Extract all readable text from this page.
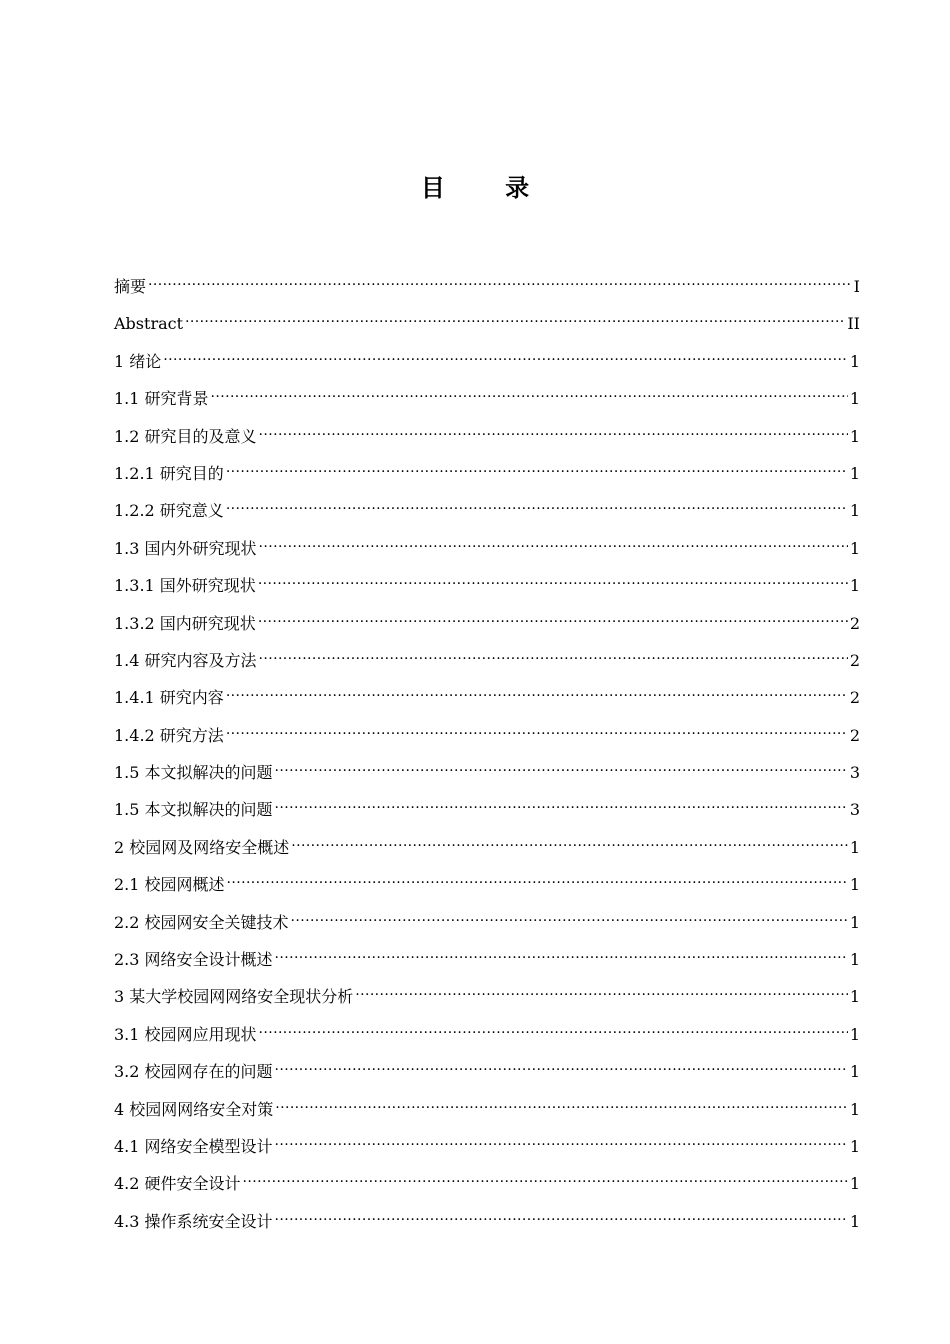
目 录
摘要 .....	I
Abstract .....	II
1 绪论 .....	1
1.1 研究背景 .....	1
1.2 研究目的及意义 .....	1
1.2.1 研究目的 .....	1
1.2.2 研究意义 .....	1
1.3 国内外研究现状 .....	1
1.3.1 国外研究现状 .....	1
1.3.2 国内研究现状 .....	2
1.4 研究内容及方法 .....	2
1.4.1 研究内容 .....	2
1.4.2 研究方法 .....	2
1.5 本文拟解决的问题 .....	3
1.5 本文拟解决的问题 .....	3
2 校园网及网络安全概述 .....	1
2.1 校园网概述 .....	1
2.2 校园网安全关键技术 .....	1
2.3 网络安全设计概述 .....	1
3 某大学校园网网络安全现状分析 .....	1
3.1 校园网应用现状 .....	1
3.2 校园网存在的问题 .....	1
4 校园网网络安全对策 .....	1
4.1 网络安全模型设计 .....	1
4.2 硬件安全设计 .....	1
4.3 操作系统安全设计 .....	1
